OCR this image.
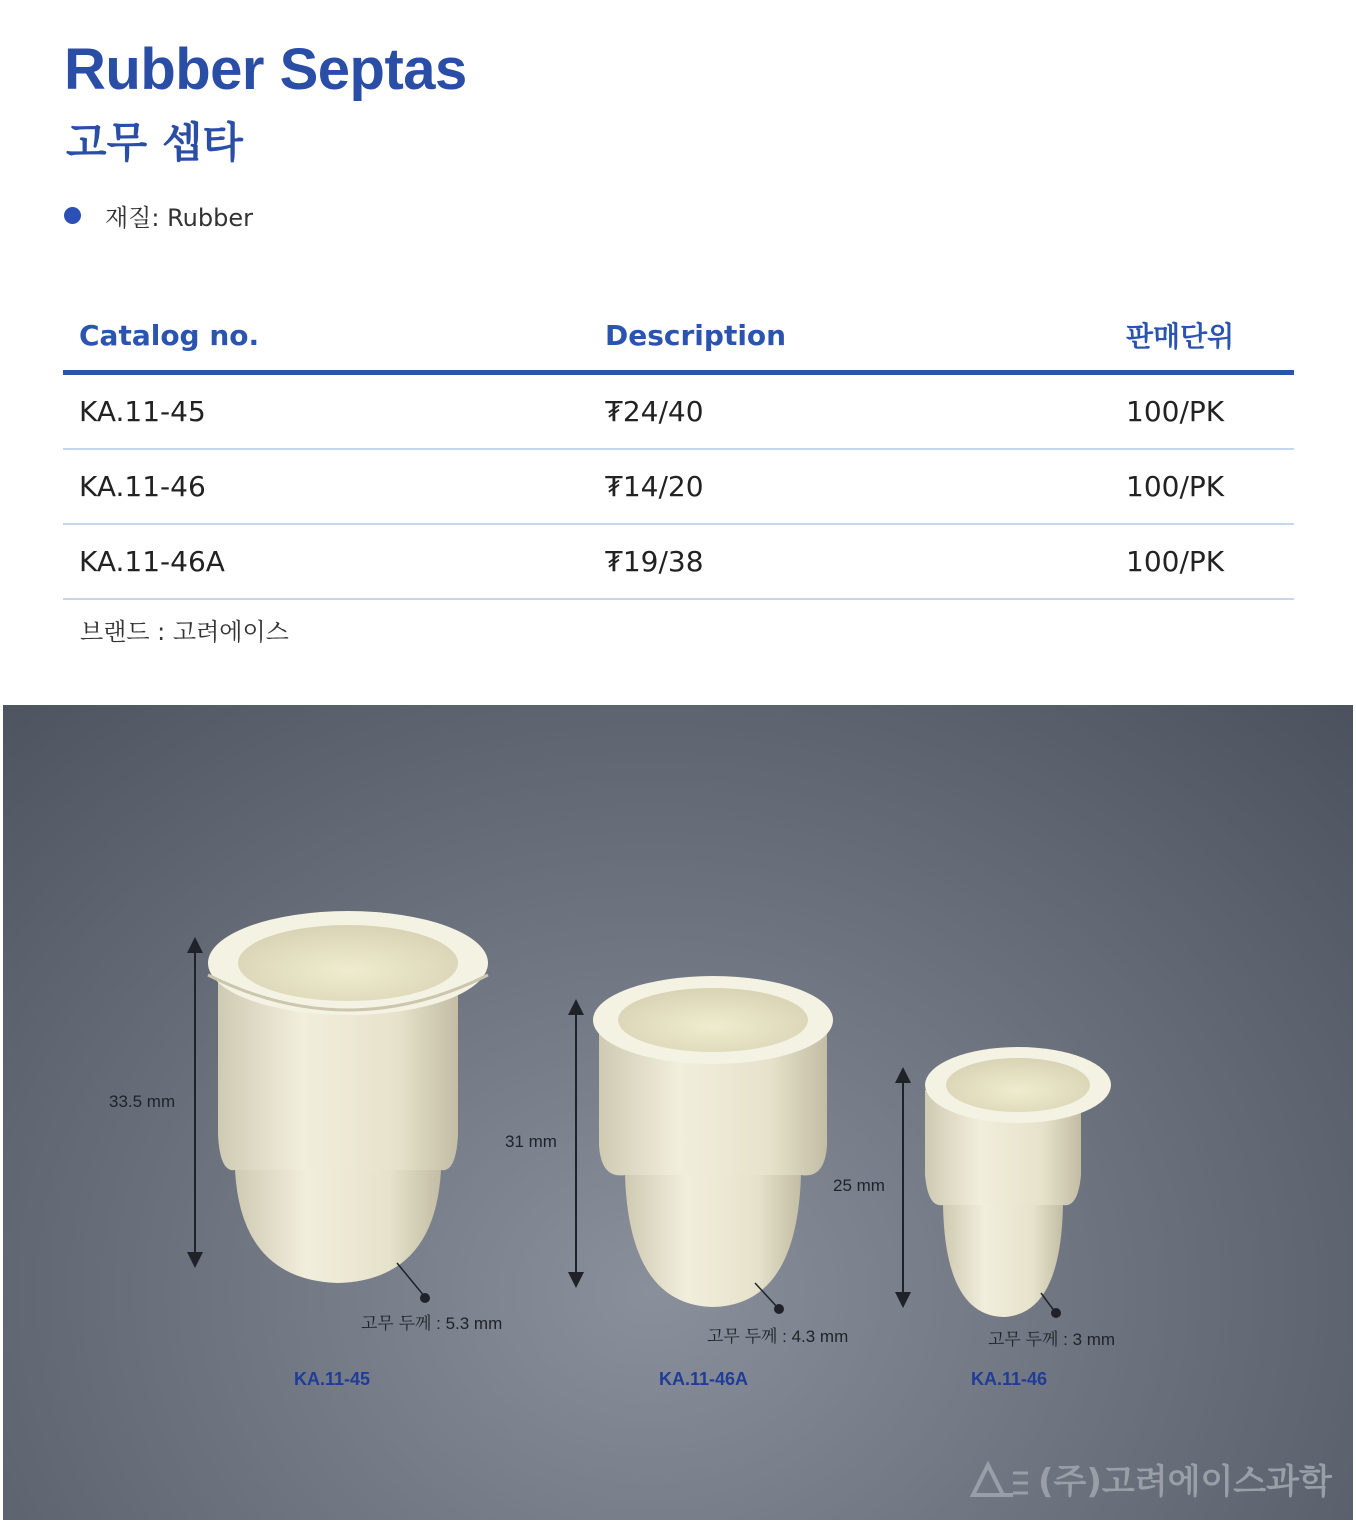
Rubber Septas
고무 셉타
재질: Rubber
Catalog no.	Description	판매단위
KA.11-45	₮24/40	100/PK
KA.11-46	₮14/20	100/PK
KA.11-46A	₮19/38	100/PK
브랜드 : 고려에이스
33.5 mm
31 mm
25 mm
고무 두께 : 5.3 mm
고무 두께 : 4.3 mm	고무 두께 : 3 mm
KA.11-45	KA.11-46A	KA.11-46
(주)고려에이스과학
